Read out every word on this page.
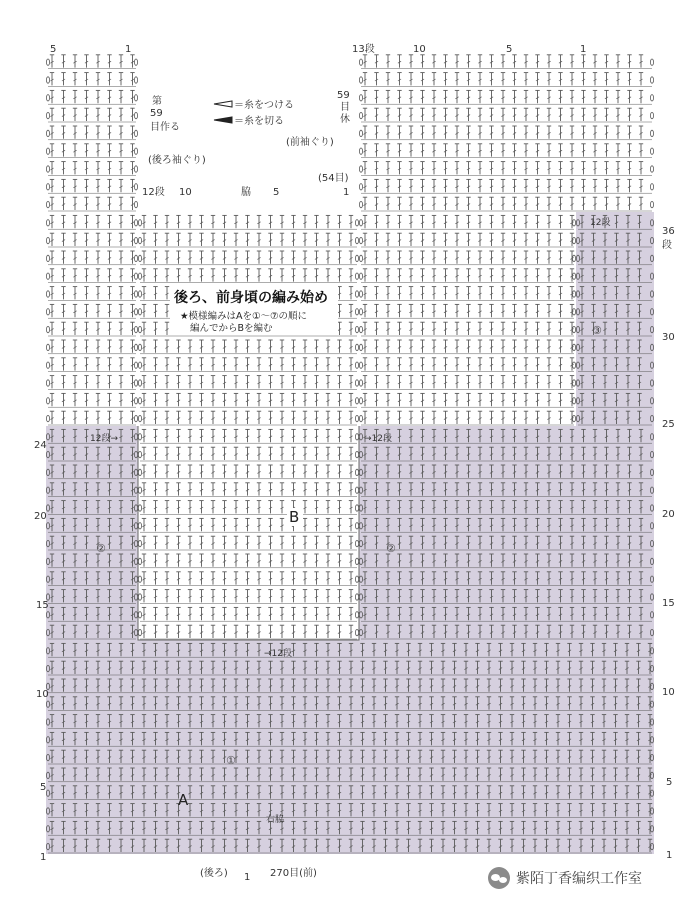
5	1	13段	10	5	1
12段 10	脇 5
(54目)
1
第
59
目作る
(後ろ袖ぐり)
59
目
休
(前袖ぐり)
＝糸をつける
＝糸を切る
後ろ、前身頃の編み始め
★模様編みはAを①～⑦の順に
編んでからBを編む
24
20
15
10
5
1
36
段
30
25
20
15
10
5
1
A
B
①
②	②
③
12段→	→12段
→12段
12段
右脇
(後ろ) 1 270目(前)	紫陌丁香编织工作室
